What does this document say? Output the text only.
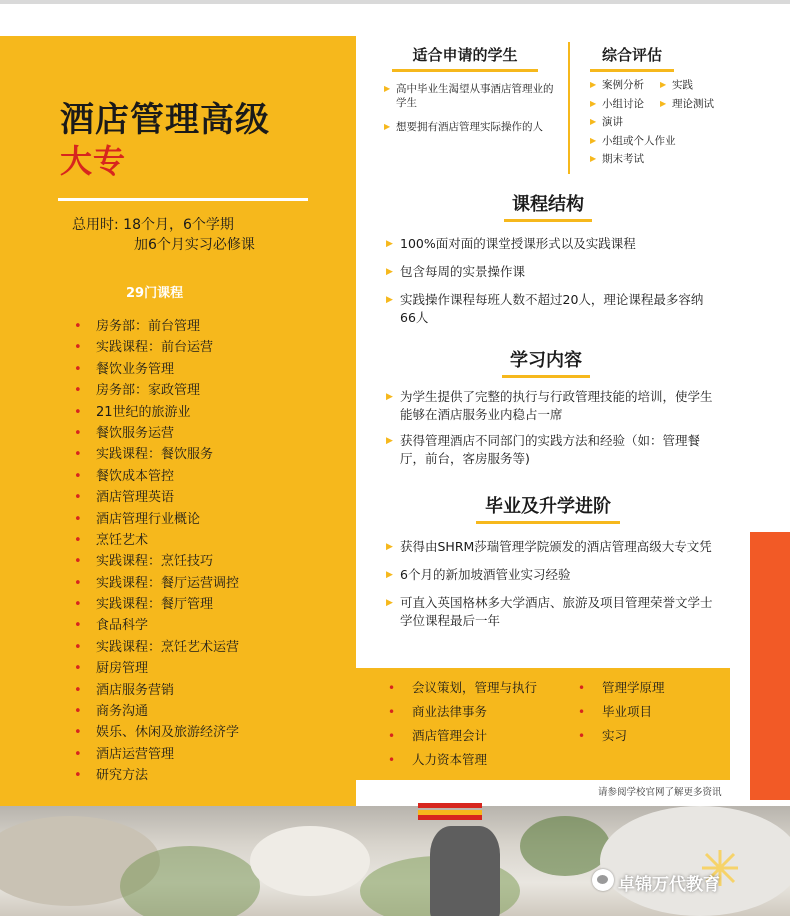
酒店管理高级
大专
总用时: 18个月，6个学期
加6个月实习必修课
29门课程
• 房务部：前台管理
• 实践课程：前台运营
• 餐饮业务管理
• 房务部：家政管理
• 21世纪的旅游业
• 餐饮服务运营
• 实践课程：餐饮服务
• 餐饮成本管控
• 酒店管理英语
• 酒店管理行业概论
• 烹饪艺术
• 实践课程：烹饪技巧
• 实践课程：餐厅运营调控
• 实践课程：餐厅管理
• 食品科学
• 实践课程：烹饪艺术运营
• 厨房管理
• 酒店服务营销
• 商务沟通
• 娱乐、休闲及旅游经济学
• 酒店运营管理
• 研究方法
适合申请的学生
▶ 高中毕业生渴望从事酒店管理业的学生
▶ 想要拥有酒店管理实际操作的人
综合评估
▶ 案例分析
▶ 小组讨论
▶ 演讲
▶ 小组或个人作业
▶ 期末考试
▶ 实践
▶ 理论测试
课程结构
▶ 100%面对面的课堂授课形式以及实践课程
▶ 包含每周的实景操作课
▶ 实践操作课程每班人数不超过20人，理论课程最多容纳66人
学习内容
▶ 为学生提供了完整的执行与行政管理技能的培训，使学生能够在酒店服务业内稳占一席
▶ 获得管理酒店不同部门的实践方法和经验（如：管理餐厅，前台，客房服务等)
毕业及升学进阶
▶ 获得由SHRM莎瑞管理学院颁发的酒店管理高级大专文凭
▶ 6个月的新加坡酒管业实习经验
▶ 可直入英国格林多大学酒店、旅游及项目管理荣誉文学士学位课程最后一年
• 会议策划，管理与执行
• 商业法律事务
• 酒店管理会计
• 人力资本管理
• 管理学原理
• 毕业项目
• 实习
请参阅学校官网了解更多资讯
卓锦万代教育
